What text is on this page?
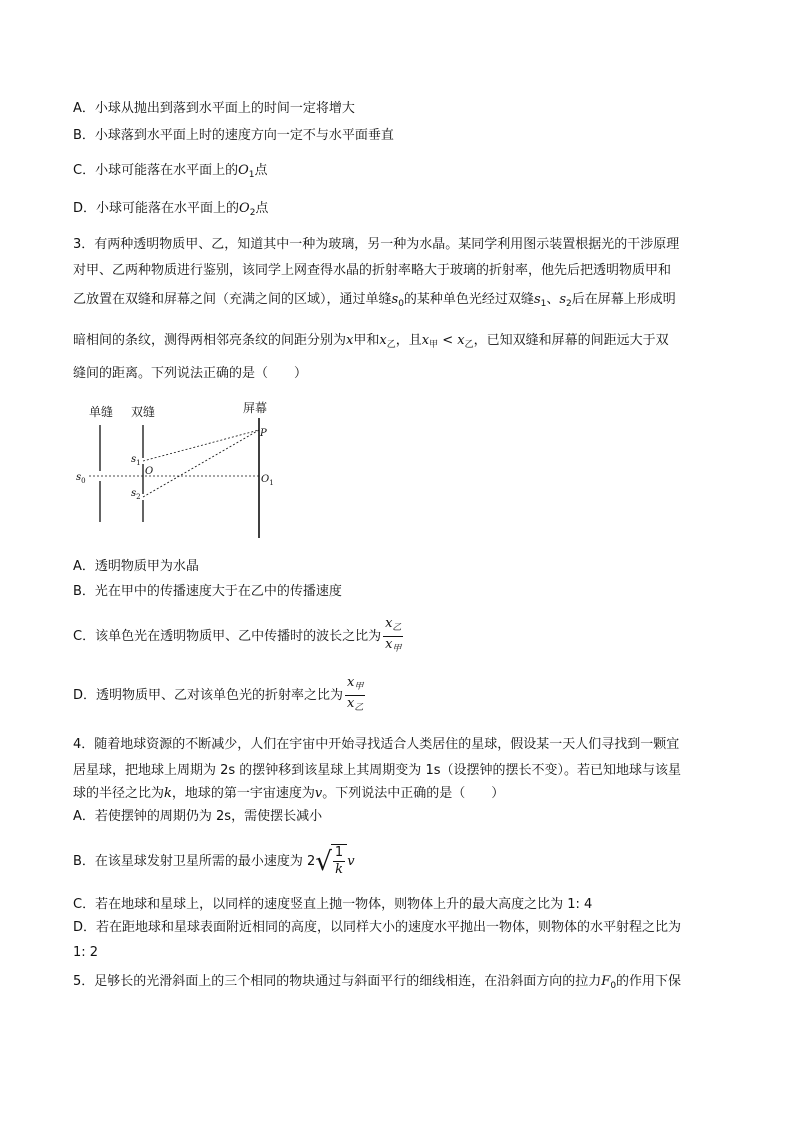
A．小球从抛出到落到水平面上的时间一定将增大
B．小球落到水平面上时的速度方向一定不与水平面垂直
C．小球可能落在水平面上的$O_1$点
D．小球可能落在水平面上的$O_2$点
3．有两种透明物质甲、乙，知道其中一种为玻璃，另一种为水晶。某同学利用图示装置根据光的干涉原理
对甲、乙两种物质进行鉴别，该同学上网查得水晶的折射率略大于玻璃的折射率，他先后把透明物质甲和
乙放置在双缝和屏幕之间（充满之间的区域），通过单缝$s_0$的某种单色光经过双缝$s_1$、$s_2$后在屏幕上形成明
暗相间的条纹，测得两相邻亮条纹的间距分别为x甲和$x_乙$，且$x_甲 < x_乙$，已知双缝和屏幕的间距远大于双
缝间的距离。下列说法正确的是（　　）
单缝 双缝	屏幕
P
O
$O_1$
$s_0$
$s_1$
$s_2$
A．透明物质甲为水晶
B．光在甲中的传播速度大于在乙中的传播速度
C．该单色光在透明物质甲、乙中传播时的波长之比为 $\frac{x_乙}{x_甲}$
D．透明物质甲、乙对该单色光的折射率之比为 $\frac{x_甲}{x_乙}$
4．随着地球资源的不断减少，人们在宇宙中开始寻找适合人类居住的星球，假设某一天人们寻找到一颗宜
居星球，把地球上周期为 2s 的摆钟移到该星球上其周期变为 1s（设摆钟的摆长不变）。若已知地球与该星
球的半径之比为k，地球的第一宇宙速度为v。下列说法中正确的是（　　）
A．若使摆钟的周期仍为 2s，需使摆长减小
B．在该星球发射卫星所需的最小速度为 2 √ $\frac{1}{k}$ v
C．若在地球和星球上，以同样的速度竖直上抛一物体，则物体上升的最大高度之比为 1: 4
D．若在距地球和星球表面附近相同的高度，以同样大小的速度水平抛出一物体，则物体的水平射程之比为
1: 2
5．足够长的光滑斜面上的三个相同的物块通过与斜面平行的细线相连，在沿斜面方向的拉力$F_0$的作用下保
